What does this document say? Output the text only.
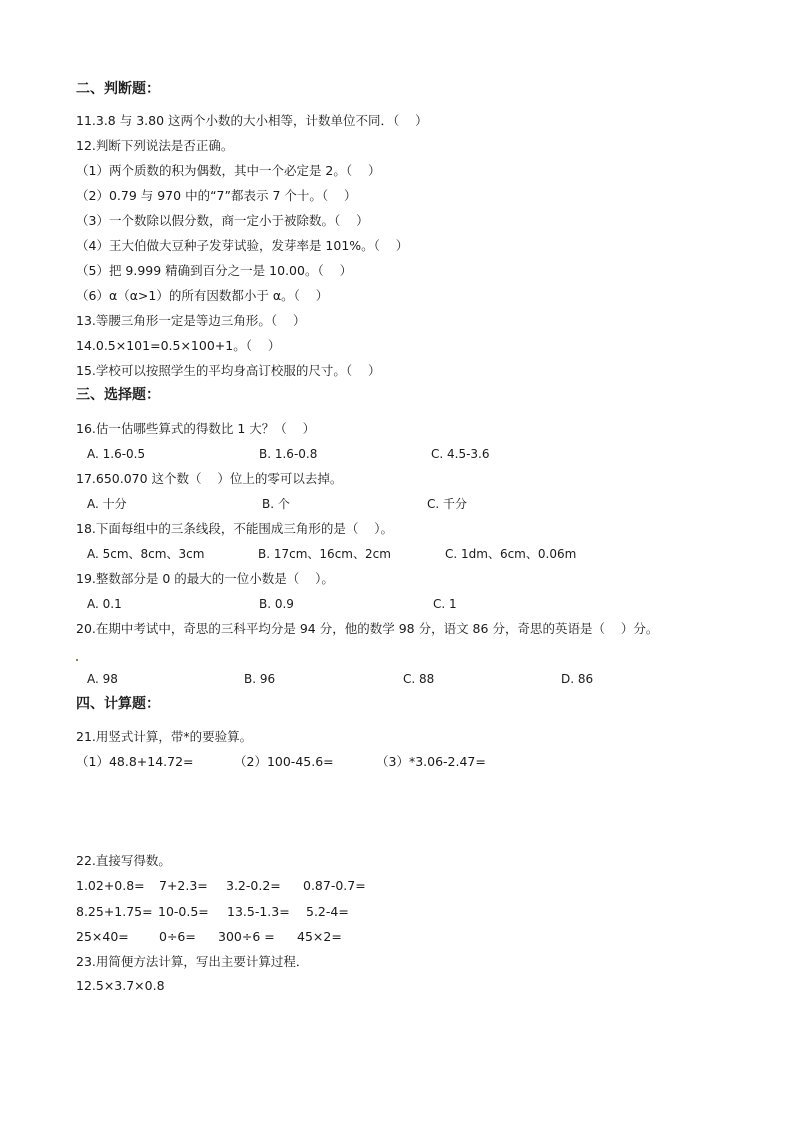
二、判断题：
11.3.8 与 3.80 这两个小数的大小相等，计数单位不同．（    ）
12.判断下列说法是否正确。
（1）两个质数的积为偶数，其中一个必定是 2。（    ）
（2）0.79 与 970 中的“7”都表示 7 个十。（    ）
（3）一个数除以假分数，商一定小于被除数。（    ）
（4）王大伯做大豆种子发芽试验，发芽率是 101%。（    ）
（5）把 9.999 精确到百分之一是 10.00。（    ）
（6）α（α>1）的所有因数都小于 α。（    ）
13.等腰三角形一定是等边三角形。（    ）
14.0.5×101=0.5×100+1。（    ）
15.学校可以按照学生的平均身高订校服的尺寸。（    ）
三、选择题：
16.估一估哪些算式的得数比 1 大？（    ）
A. 1.6-0.5	B. 1.6-0.8	C. 4.5-3.6
17.650.070 这个数（    ）位上的零可以去掉。
A. 十分	B. 个	C. 千分
18.下面每组中的三条线段，不能围成三角形的是（    ）。
A. 5cm、8cm、3cm	B. 17cm、16cm、2cm	C. 1dm、6cm、0.06m
19.整数部分是 0 的最大的一位小数是（    ）。
A. 0.1	B. 0.9	C. 1
20.在期中考试中，奇思的三科平均分是 94 分，他的数学 98 分，语文 86 分，奇思的英语是（    ）分。
A. 98	B. 96	C. 88	D. 86
四、计算题：
21.用竖式计算，带*的要验算。
（1）48.8+14.72=	（2）100-45.6=	（3）*3.06-2.47=
22.直接写得数。
1.02+0.8= 7+2.3= 3.2-0.2= 0.87-0.7=
8.25+1.75= 10-0.5= 13.5-1.3= 5.2-4=
25×40= 0÷6= 300÷6 = 45×2=
23.用简便方法计算，写出主要计算过程．
12.5×3.7×0.8
